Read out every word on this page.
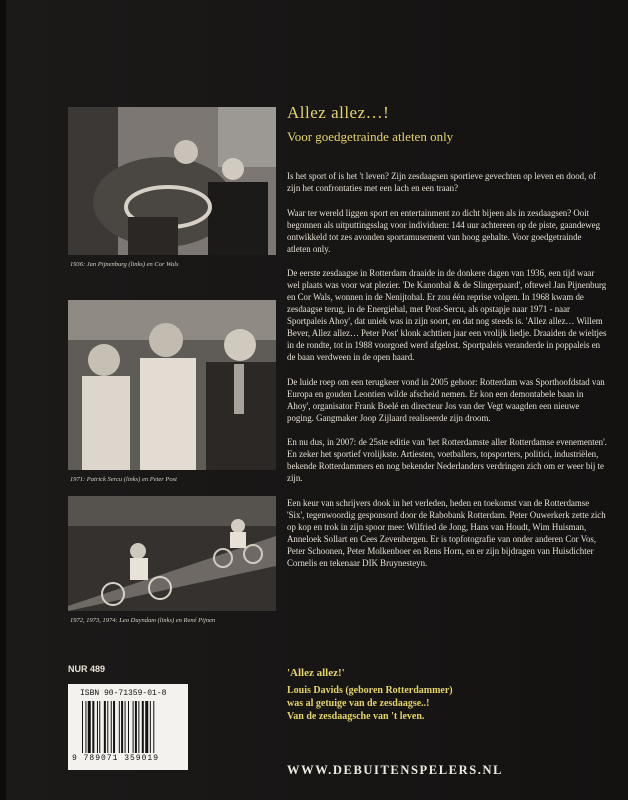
1936: Jan Pijnenburg (links) en Cor Wals
1971: Patrick Sercu (links) en Peter Post
1972, 1973, 1974: Leo Duyndam (links) en René Pijnen
NUR 489
ISBN 90-71359-01-8
9 789071 359019
Allez allez…!
Voor goedgetrainde atleten only

Is het sport of is het 't leven? Zijn zesdaagsen sportieve gevechten op leven en dood, of zijn het confrontaties met een lach en een traan?

Waar ter wereld liggen sport en entertainment zo dicht bijeen als in zesdaagsen? Ooit begonnen als uitputtingsslag voor individuen: 144 uur achtereen op de piste, gaandeweg ontwikkeld tot zes avonden sportamusement van hoog gehalte. Voor goedgetrainde atleten only.

De eerste zesdaagse in Rotterdam draaide in de donkere dagen van 1936, een tijd waar wel plaats was voor wat plezier. 'De Kanonbal & de Slingerpaard', oftewel Jan Pijnenburg en Cor Wals, wonnen in de Nenijtohal. Er zou één reprise volgen. In 1968 kwam de zesdaagse terug, in de Energiehal, met Post-Sercu, als opstapje naar 1971 - naar Sportpaleis Ahoy', dat uniek was in zijn soort, en dat nog steeds is. 'Allez allez… Willem Bever, Allez allez… Peter Post' klonk achttien jaar een vrolijk liedje. Draaiden de wieltjes in de rondte, tot in 1988 voorgoed werd afgelost. Sportpaleis veranderde in poppaleis en de baan verdween in de open haard.

De luide roep om een terugkeer vond in 2005 gehoor: Rotterdam was Sporthoofdstad van Europa en gouden Leontien wilde afscheid nemen. Er kon een demontabele baan in Ahoy', organisator Frank Boelé en directeur Jos van der Vegt waagden een nieuwe poging. Gangmaker Joop Zijlaard realiseerde zijn droom.

En nu dus, in 2007: de 25ste editie van 'het Rotterdamste aller Rotterdamse evenementen'. En zeker het sportief vrolijkste. Artiesten, voetballers, topsporters, politici, industriëlen, bekende Rotterdammers en nog bekender Nederlanders verdringen zich om er weer bij te zijn.

Een keur van schrijvers dook in het verleden, heden en toekomst van de Rotterdamse 'Six', tegenwoordig gesponsord door de Rabobank Rotterdam. Peter Ouwerkerk zette zich op kop en trok in zijn spoor mee: Wilfried de Jong, Hans van Houdt, Wim Huisman, Anneloek Sollart en Cees Zevenbergen. Er is topfotografie van onder anderen Cor Vos, Peter Schoonen, Peter Molkenboer en Rens Horn, en er zijn bijdragen van Huisdichter Cornelis en tekenaar DIK Bruynesteyn.

'Allez allez!'
Louis Davids (geboren Rotterdammer)
was al getuige van de zesdaagse..!
Van de zesdaagsche van 't leven.
WWW.DEBUITENSPELERS.NL
